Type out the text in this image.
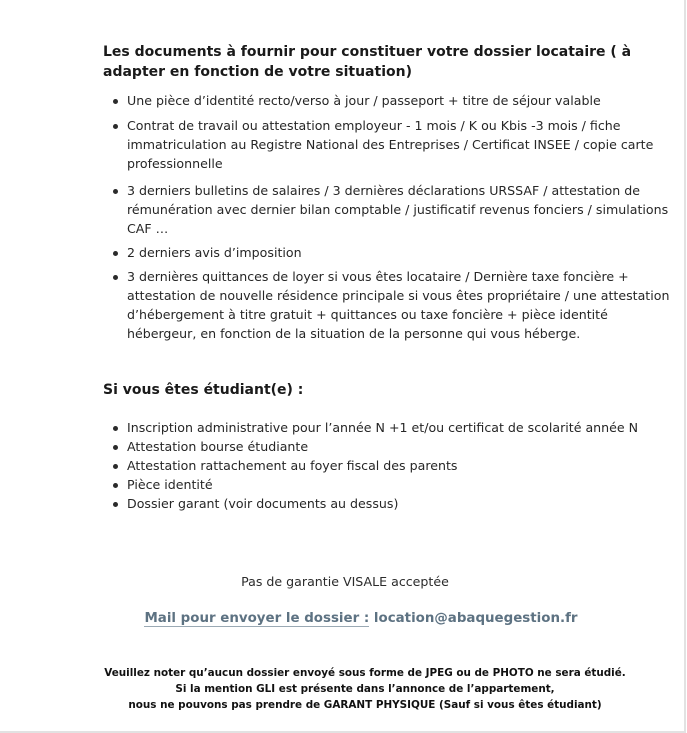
Les documents à fournir pour constituer votre dossier locataire ( à adapter en fonction de votre situation)
Une pièce d’identité recto/verso à jour / passeport + titre de séjour valable
Contrat de travail ou attestation employeur - 1 mois / K ou Kbis -3 mois / fiche immatriculation au Registre National des Entreprises / Certificat INSEE / copie carte professionnelle
3 derniers bulletins de salaires / 3 dernières déclarations URSSAF / attestation de rémunération avec dernier bilan comptable / justificatif revenus fonciers / simulations CAF …
2 derniers avis d’imposition
3 dernières quittances de loyer si vous êtes locataire / Dernière taxe foncière + attestation de nouvelle résidence principale si vous êtes propriétaire / une attestation d’hébergement à titre gratuit + quittances ou taxe foncière + pièce identité hébergeur, en fonction de la situation de la personne qui vous héberge.
Si vous êtes étudiant(e) :
Inscription administrative pour l’année N +1 et/ou certificat de scolarité année N
Attestation bourse étudiante
Attestation rattachement au foyer fiscal des parents
Pièce identité
Dossier garant (voir documents au dessus)
Pas de garantie VISALE acceptée
Mail pour envoyer le dossier : location@abaquegestion.fr
Veuillez noter qu’aucun dossier envoyé sous forme de JPEG ou de PHOTO ne sera étudié.
Si la mention GLI est présente dans l’annonce de l’appartement,
nous ne pouvons pas prendre de GARANT PHYSIQUE (Sauf si vous êtes étudiant)
